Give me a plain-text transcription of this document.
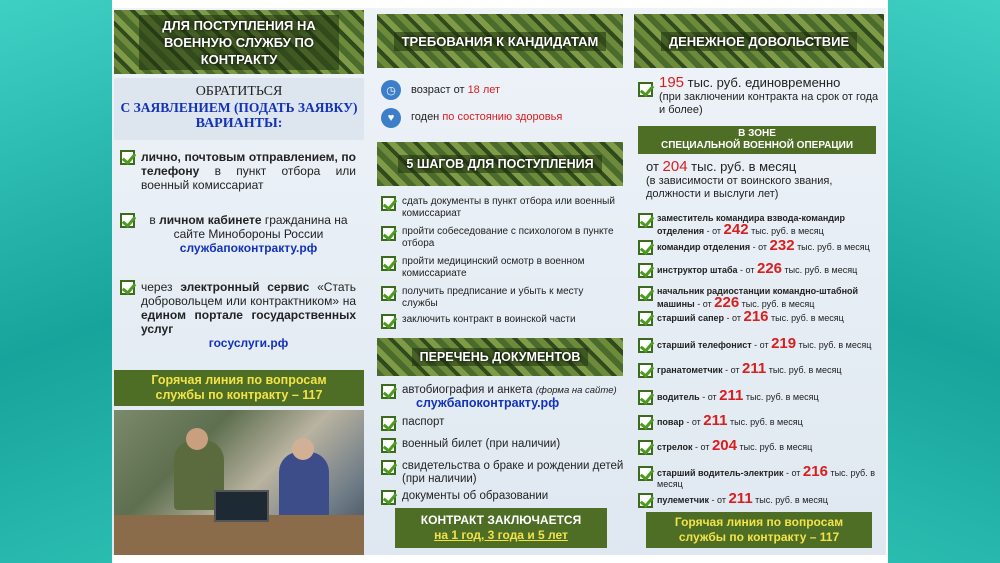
ДЛЯ ПОСТУПЛЕНИЯ НА ВОЕННУЮ СЛУЖБУ ПО КОНТРАКТУ
ОБРАТИТЬСЯ
С ЗАЯВЛЕНИЕМ (ПОДАТЬ ЗАЯВКУ)
ВАРИАНТЫ:
лично, почтовым отправлением, по телефону в пункт отбора или военный комиссариат
в личном кабинете гражданина на сайте Минобороны России
службапоконтракту.рф
через электронный сервис «Стать добровольцем или контрактником» на едином портале государственных услуг

госуслуги.рф
Горячая линия по вопросам службы по контракту – 117
ТРЕБОВАНИЯ К КАНДИДАТАМ
◷	возраст от 18 лет
♥	годен по состоянию здоровья
5 ШАГОВ ДЛЯ ПОСТУПЛЕНИЯ
сдать документы в пункт отбора или военный комиссариат
пройти собеседование с психологом в пункте отбора
пройти медицинский осмотр в военном комиссариате
получить предписание и убыть к месту службы
заключить контракт в воинской части
ПЕРЕЧЕНЬ ДОКУМЕНТОВ
автобиография и анкета (форма на сайте)
службапоконтракту.рф
паспорт
военный билет (при наличии)
свидетельства о браке и рождении детей (при наличии)
документы об образовании
КОНТРАКТ ЗАКЛЮЧАЕТСЯ
на 1 год, 3 года и 5 лет
ДЕНЕЖНОЕ ДОВОЛЬСТВИЕ
195 тыс. руб. единовременно
(при заключении контракта на срок от года и более)
В ЗОНЕ
СПЕЦИАЛЬНОЙ ВОЕННОЙ ОПЕРАЦИИ
от 204 тыс. руб. в месяц
(в зависимости от воинского звания, должности и выслуги лет)
заместитель командира взвода-командир отделения - от 242 тыс. руб. в месяц
командир отделения - от 232 тыс. руб. в месяц
инструктор штаба - от 226 тыс. руб. в месяц
начальник радиостанции командно-штабной машины - от 226 тыс. руб. в месяц
старший сапер - от 216 тыс. руб. в месяц
старший телефонист - от 219 тыс. руб. в месяц
гранатометчик - от 211 тыс. руб. в месяц
водитель - от 211 тыс. руб. в месяц
повар - от 211 тыс. руб. в месяц
стрелок - от 204 тыс. руб. в месяц
старший водитель-электрик - от 216 тыс. руб. в месяц
пулеметчик - от 211 тыс. руб. в месяц
Горячая линия по вопросам службы по контракту – 117
